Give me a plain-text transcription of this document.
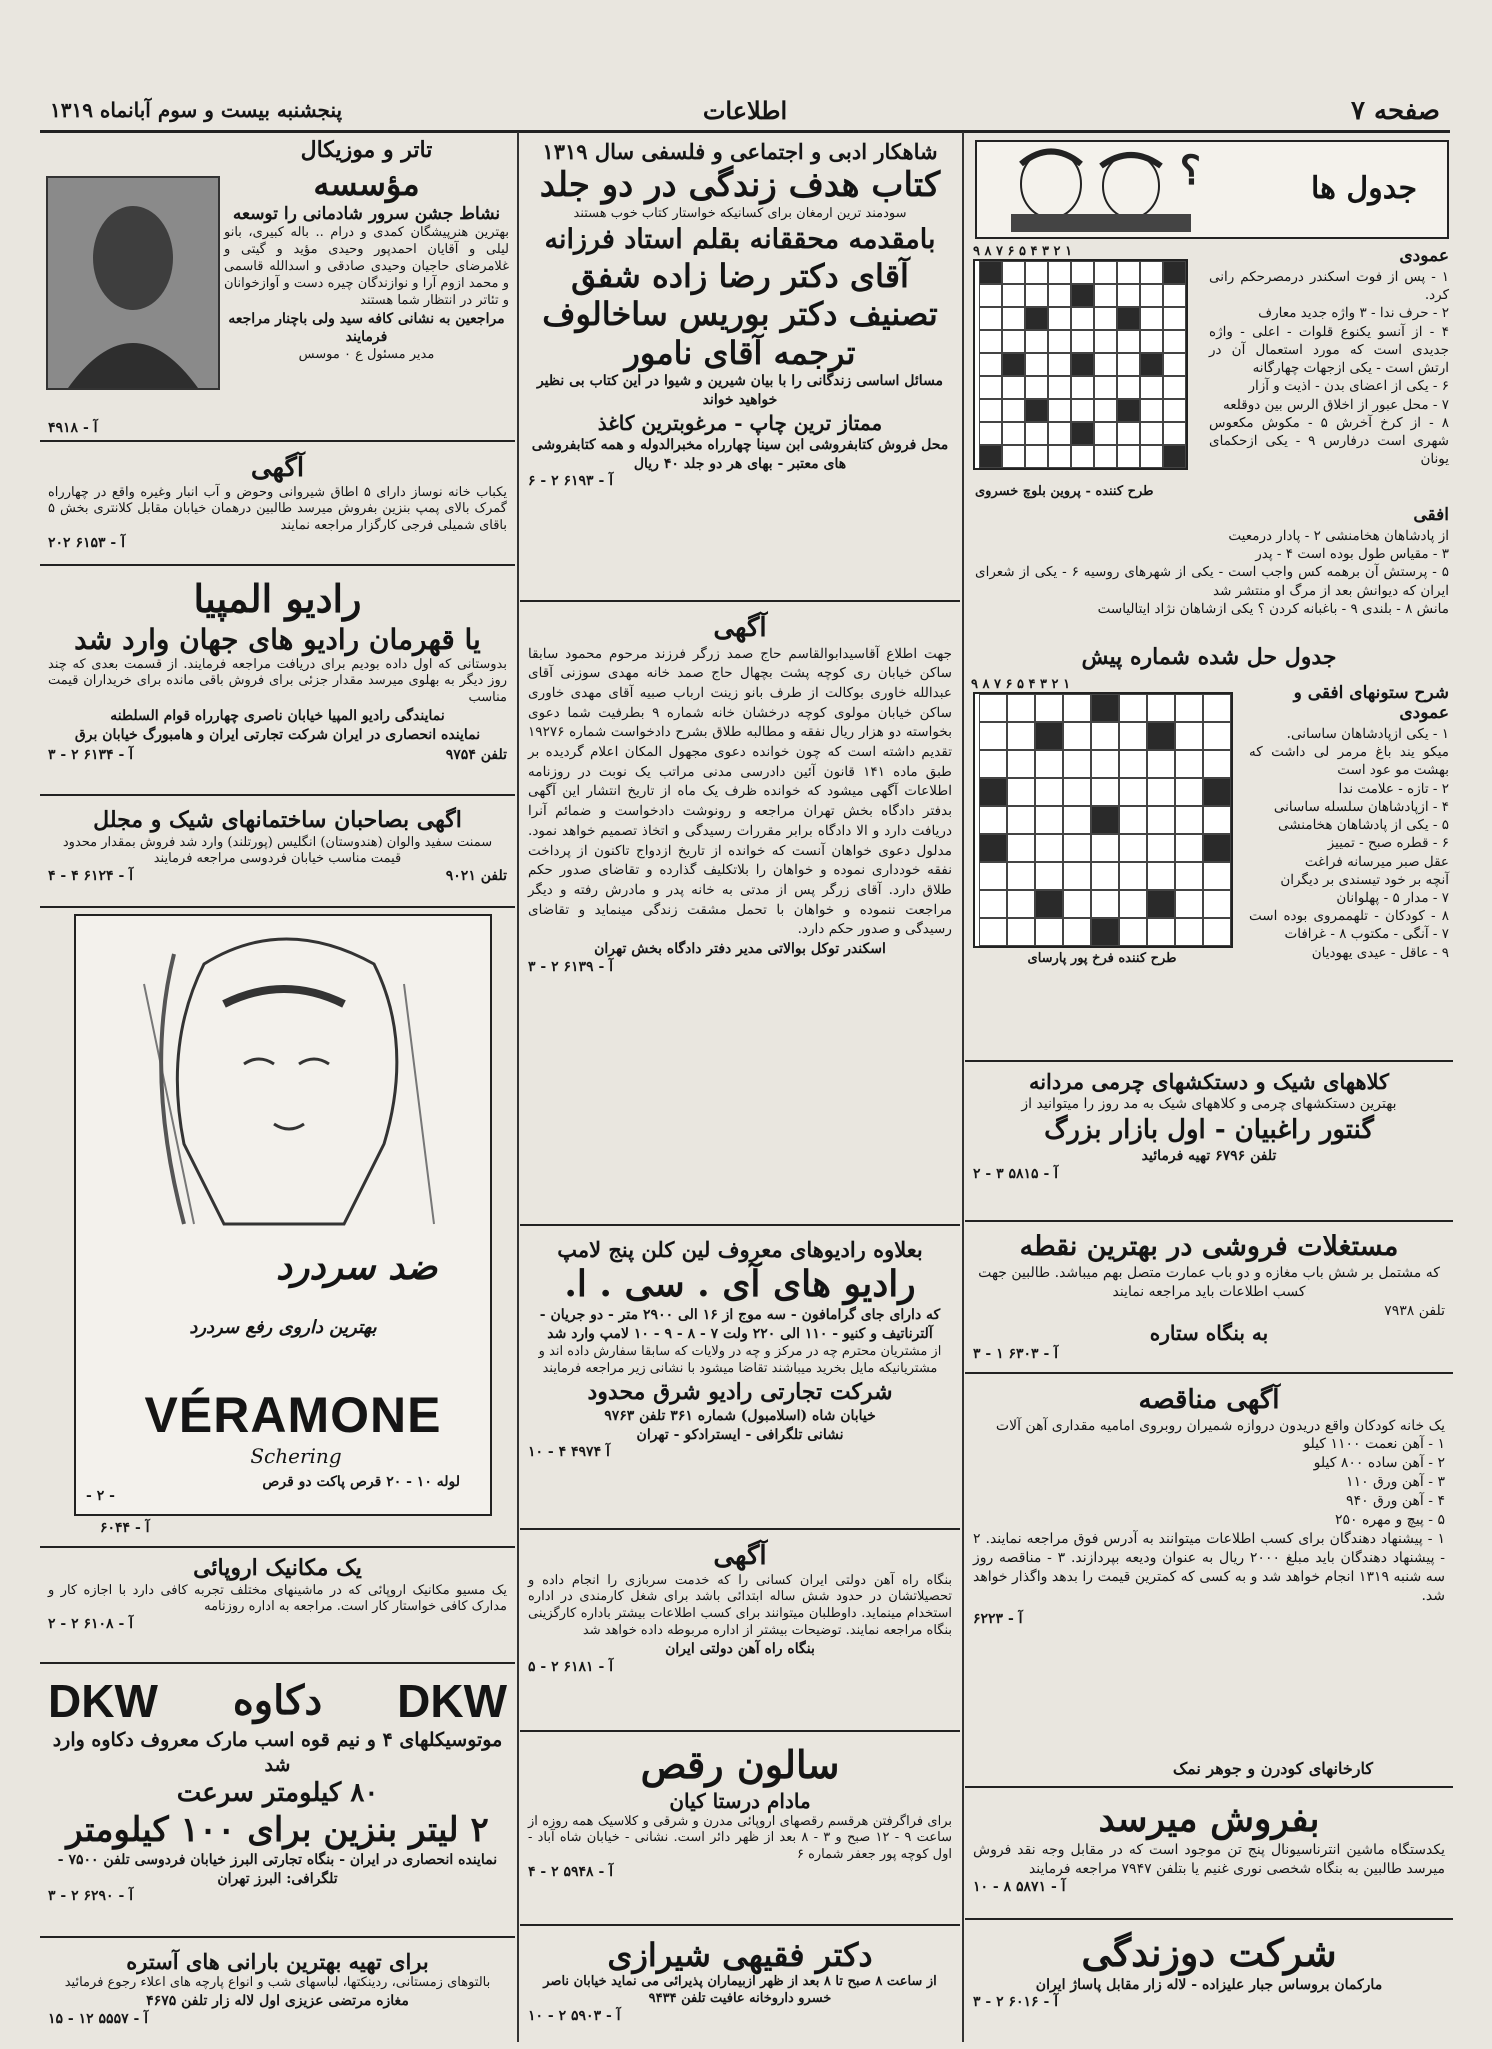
صفحه ۷
اطلاعات
پنجشنبه بیست و سوم آبانماه ۱۳۱۹
؟	جدول ها
۹ ۸ ۷ ۶ ۵ ۴ ۳ ۲ ۱	عمودی
۱ - پس از فوت اسکندر درمصرحکم رانی کرد.
۲ - حرف ندا - ۳ واژه جدید معارف
۴ - از آنسو یکنوع قلوات - اعلی - واژه جدیدی است که مورد استعمال آن در ارتش است - یکی ازجهات چهارگانه
۶ - یکی از اعضای بدن - اذیت و آزار
۷ - محل عبور از اخلاق الرس بین دوقلعه
۸ - از کرخ آخرش ۵ - مکوش مکعوس شهری است درفارس ۹ - یکی ازحکمای یونان
طرح کننده - پروین بلوچ خسروی
افقی
از پادشاهان هخامنشی ۲ - پادار درمعیت
۳ - مقیاس طول بوده است ۴ - پدر
۵ - پرستش آن برهمه کس واجب است - یکی از شهرهای روسیه ۶ - یکی از شعرای ایران که دیوانش بعد از مرگ او منتشر شد
مانش ۸ - بلندی ۹ - باغبانه کردن ؟ یکی ازشاهان نژاد ایتالیاست
جدول حل شده شماره پیش
۹ ۸ ۷ ۶ ۵ ۴ ۳ ۲ ۱
طرح کننده فرخ پور پارسای
شرح ستونهای افقی و عمودی
۱ - یکی ازپادشاهان ساسانی.
میکو یند باغ مرمر لی داشت که بهشت مو عود است
۲ - تازه - علامت ندا
۴ - ازپادشاهان سلسله ساسانی
۵ - یکی از پادشاهان هخامنشی
۶ - قطره صبح - تمییز
عقل صبر میرسانه فراغت
آنچه بر خود تیسندی بر دیگران
۷ - مدار ۵ - پهلوانان
۸ - کودکان - تلهممروی بوده است ۷ - آنگی - مکتوب ۸ - غرافات
۹ - عاقل - عیدی یهودیان
کلاههای شیک و دستکشهای چرمی مردانه
بهترین دستکشهای چرمی و کلاههای شیک به مد روز را میتوانید از
گنتور راغبیان - اول بازار بزرگ
تلفن ۶۷۹۶ تهیه فرمائید
آ - ۵۸۱۵ ۳ - ۲
مستغلات فروشی در بهترین نقطه
که مشتمل بر شش باب مغازه و دو باب عمارت متصل بهم میباشد. طالبین جهت کسب اطلاعات باید مراجعه نمایند
تلفن ۷۹۳۸
به بنگاه ستاره
آ - ۶۳۰۳ ۱ - ۳
آگهی مناقصه
یک خانه کودکان واقع دریدون دروازه شمیران روبروی امامیه مقداری آهن آلات
۱ - آهن نعمت ۱۱۰۰ کیلو
۲ - آهن ساده ۸۰۰ کیلو
۳ - آهن ورق ۱۱۰
۴ - آهن ورق ۹۴۰
۵ - پیچ و مهره ۲۵۰
۱ - پیشنهاد دهندگان برای کسب اطلاعات میتوانند به آدرس فوق مراجعه نمایند. ۲ - پیشنهاد دهندگان باید مبلغ ۲۰۰۰ ریال به عنوان ودیعه بپردازند. ۳ - مناقصه روز سه شنبه ۱۳۱۹ انجام خواهد شد و به کسی که کمترین قیمت را بدهد واگذار خواهد شد.
آ - ۶۲۲۳
کارخانهای کودرن و جوهر نمک
بفروش میرسد
یکدستگاه ماشین انترناسیونال پنج تن موجود است که در مقابل وجه نقد فروش میرسد طالبین به بنگاه شخصی نوری غنیم یا بتلفن ۷۹۴۷ مراجعه فرمایند
آ - ۵۸۷۱ ۸ - ۱۰
شرکت دوزندگی
مارکمان بروساس جبار علیزاده - لاله زار مقابل پاساژ ایران
آ - ۶۰۱۶ ۲ - ۳
شاهکار ادبی و اجتماعی و فلسفی سال ۱۳۱۹
کتاب هدف زندگی در دو جلد
سودمند ترین ارمغان برای کسانیکه خواستار کتاب خوب هستند
بامقدمه محققانه بقلم استاد فرزانه
آقای دکتر رضا زاده شفق
تصنیف دکتر بوریس ساخالوف
ترجمه آقای نامور
مسائل اساسی زندگانی را با بیان شیرین و شیوا در این کتاب بی نظیر خواهید خواند
ممتاز ترین چاپ - مرغوبترین کاغذ
محل فروش کتابفروشی ابن سینا چهارراه مخبرالدوله و همه کتابفروشی های معتبر - بهای هر دو جلد ۴۰ ریال
آ - ۶۱۹۳ ۲ - ۶
آگهی
جهت اطلاع آقاسیدابوالقاسم حاج صمد زرگر فرزند مرحوم محمود سابقا ساکن خیابان ری کوچه پشت بچهال حاج صمد خانه مهدی سوزنی آقای عبدالله خاوری بوکالت از طرف بانو زینت ارباب صبیه آقای مهدی خاوری ساکن خیابان مولوی کوچه درخشان خانه شماره ۹ بطرفیت شما دعوی بخواسته دو هزار ریال نفقه و مطالبه طلاق بشرح دادخواست شماره ۱۹۲۷۶ تقدیم داشته است که چون خوانده دعوی مجهول المکان اعلام گردیده بر طبق ماده ۱۴۱ قانون آئین دادرسی مدنی مراتب یک نوبت در روزنامه اطلاعات آگهی میشود که خوانده ظرف یک ماه از تاریخ انتشار این آگهی بدفتر دادگاه بخش تهران مراجعه و رونوشت دادخواست و ضمائم آنرا دریافت دارد و الا دادگاه برابر مقررات رسیدگی و اتخاذ تصمیم خواهد نمود. مدلول دعوی خواهان آنست که خوانده از تاریخ ازدواج تاکنون از پرداخت نفقه خودداری نموده و خواهان را بلاتکلیف گذارده و تقاضای صدور حکم طلاق دارد. آقای زرگر پس از مدتی به خانه پدر و مادرش رفته و دیگر مراجعت ننموده و خواهان با تحمل مشقت زندگی مینماید و تقاضای رسیدگی و صدور حکم دارد.
اسکندر توکل بوالاتی مدیر دفتر دادگاه بخش تهران
آ - ۶۱۳۹ ۲ - ۳
بعلاوه رادیوهای معروف لین کلن پنج لامپ
رادیو های آی . سی . ا.
که دارای جای گرامافون - سه موج از ۱۶ الی ۲۹۰۰ متر - دو جریان - آلترناتیف و کنیو - ۱۱۰ الی ۲۲۰ ولت ۷ - ۸ - ۹ - ۱۰ لامپ وارد شد
از مشتریان محترم چه در مرکز و چه در ولایات که سابقا سفارش داده اند و مشتریانیکه مایل بخرید میباشند تقاضا میشود با نشانی زیر مراجعه فرمایند
شرکت تجارتی رادیو شرق محدود
خیابان شاه (اسلامبول) شماره ۳۶۱ تلفن ۹۷۶۳
نشانی تلگرافی - ایسترادکو - تهران
آ ۴۹۷۴ ۴ - ۱۰
آگهی
بنگاه راه آهن دولتی ایران کسانی را که خدمت سربازی را انجام داده و تحصیلاتشان در حدود شش ساله ابتدائی باشد برای شغل کارمندی در اداره استخدام مینماید. داوطلبان میتوانند برای کسب اطلاعات بیشتر باداره کارگزینی بنگاه مراجعه نمایند. توضیحات بیشتر از اداره مربوطه داده خواهد شد
بنگاه راه آهن دولتی ایران
آ - ۶۱۸۱ ۲ - ۵
سالون رقص
مادام درستا کیان
برای فراگرفتن هرقسم رقصهای اروپائی مدرن و شرقی و کلاسیک همه روزه از ساعت ۹ - ۱۲ صبح و ۳ - ۸ بعد از ظهر دائر است. نشانی - خیابان شاه آباد - اول کوچه پور جعفر شماره ۶
آ - ۵۹۴۸ ۲ - ۴
دکتر فقیهی شیرازی
از ساعت ۸ صبح تا ۸ بعد از ظهر ازبیماران پذیرائی می نماید خیابان ناصر خسرو داروخانه عافیت تلفن ۹۴۳۴
آ - ۵۹۰۳ ۲ - ۱۰
تاتر و موزیکال
مؤسسه
نشاط جشن سرور شادمانی را توسعه
بهترین هنرپیشگان کمدی و درام .. باله کبیری، بانو لیلی و آقایان احمدپور وحیدی مؤید و گیتی و غلامرضای حاجیان وحیدی صادقی و اسدالله قاسمی و محمد ازوم آرا و نوازندگان چیره دست و آوازخوانان و تئاتر در انتظار شما هستند
مراجعین به نشانی کافه سید ولی باچنار مراجعه فرمایند
مدیر مسئول ع ۰ موسس
آ - ۴۹۱۸
آگهی
یکباب خانه نوساز دارای ۵ اطاق شیروانی وحوض و آب انبار وغیره واقع در چهارراه گمرک بالای پمپ بنزین بفروش میرسد طالبین درهمان خیابان مقابل کلانتری بخش ۵ باقای شمیلی فرجی کارگزار مراجعه نمایند
آ - ۶۱۵۳ ۲۰۲
رادیو المپیا
یا قهرمان رادیو های جهان وارد شد
بدوستانی که اول داده بودیم برای دریافت مراجعه فرمایند. از قسمت بعدی که چند روز دیگر به بهلوی میرسد مقدار جزئی برای فروش باقی مانده برای خریداران قیمت مناسب
نمایندگی رادیو المپیا خیابان ناصری چهارراه قوام السلطنه
نماینده انحصاری در ایران شرکت تجارتی ایران و هامبورگ خیابان برق
تلفن ۹۷۵۴
آ - ۶۱۳۴ ۲ - ۳
اگهی بصاحبان ساختمانهای شیک و مجلل
سمنت سفید والوان (هندوستان) انگلیس (پورتلند) وارد شد فروش بمقدار محدود قیمت مناسب خیابان فردوسی مراجعه فرمایند
تلفن ۹۰۲۱
آ - ۶۱۲۴ ۴ - ۴
ضد سردرد
بهترین داروی رفع سردرد
VÉRAMONE Schering
لوله ۱۰ - ۲۰ قرص پاکت دو قرص
- ۲ -
آ - ۶۰۴۴
یک مکانیک اروپائی
یک مسیو مکانیک اروپائی که در ماشینهای مختلف تجربه کافی دارد با اجازه کار و مدارک کافی خواستار کار است. مراجعه به اداره روزنامه
آ - ۶۱۰۸ ۲ - ۲
DKW دکاوه DKW
موتوسیکلهای ۴ و نیم قوه اسب مارک معروف دکاوه وارد شد
۸۰ کیلومتر سرعت
۲ لیتر بنزین برای ۱۰۰ کیلومتر
نماینده انحصاری در ایران - بنگاه تجارتی البرز خیابان فردوسی تلفن ۷۵۰۰ - تلگرافی: البرز تهران
آ - ۶۲۹۰ ۲ - ۳
برای تهیه بهترین بارانی های آستره
بالتوهای زمستانی، ردینکتها، لباسهای شب و انواع پارچه های اعلاء رجوع فرمائید
مغازه مرتضی عزیزی اول لاله زار تلفن ۴۶۷۵
آ - ۵۵۵۷ ۱۲ - ۱۵
